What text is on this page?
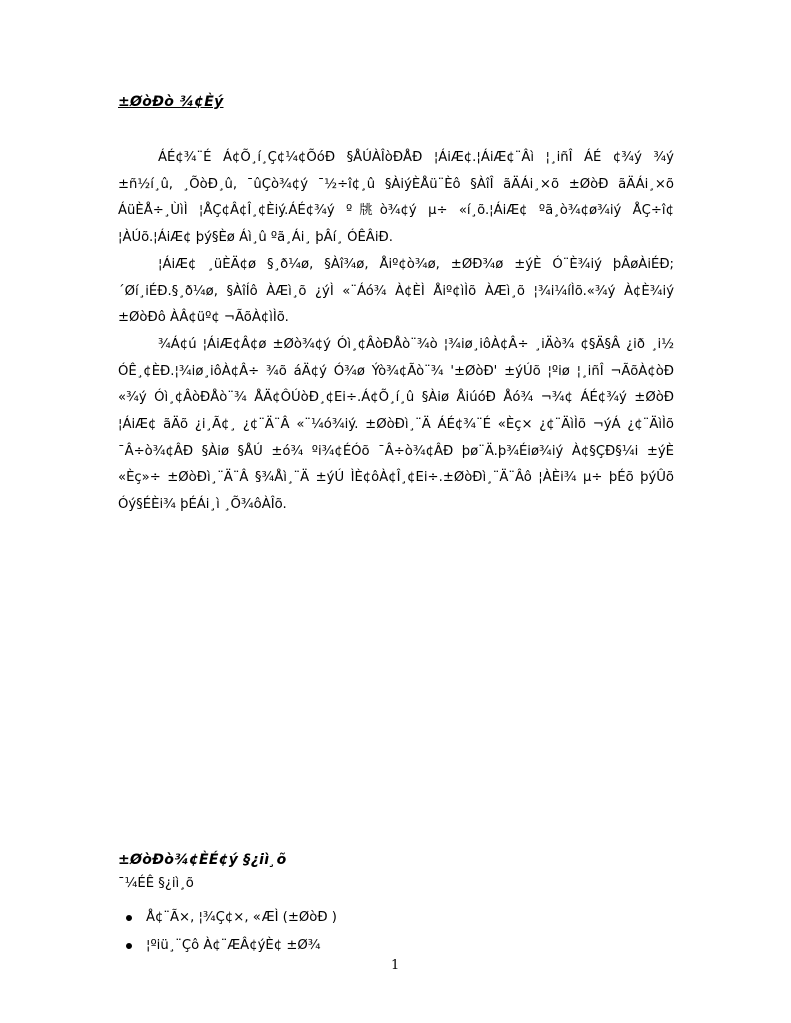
±ØòÐò ¾¢Èý

ÁÉ¢¾¨É Á¢Õ¸í¸Ç¢¼¢ÕóÐ §ÅÚÀÎòÐÅÐ ¦ÁiÆ¢.¦ÁiÆ¢¨Âì ¦¸iñÎ ÁÉ ¢¾ý ¾ý ±ñ½í¸û, ¸ÕòÐ¸û, ¯ûÇò¾¢ý ¯½÷î¢¸û §ÀiýÈÅü¨Èô §ÀîÎ ãÄÁi¸×õ ±ØòÐ ãÄÁi¸×õ ÁüÈÅ÷¸ÙìÌ ¦ÅÇ¢Â¢Î¸¢Èiý.ÁÉ¢¾ý º㸠ò¾¢ý µ÷ «í¸õ.¦ÁiÆ¢ ºã¸ò¾¢ø¾iý ÅÇ÷î¢ ¦ÀÚõ.¦ÁiÆ¢ þý§Èø Áì¸û ºã¸Ái¸ þÂí¸ ÓÊÂiÐ.

¦ÁiÆ¢ ¸üÈÄ¢ø §¸ð¼ø, §Àî¾ø, Åiº¢ò¾ø, ±ØÐ¾ø ±ýÈ Ó¨È¾iý þÂøÀiÉÐ; ´Øí¸iÉÐ.§¸ð¼ø, §ÀîÍô ÀÆì¸õ ¿ýÌ «¨Áó¾ À¢ÈÌ Åiº¢ìÌõ ÀÆì¸õ ¦¾i¼íÌõ.«¾ý À¢È¾iý ±ØòÐô ÀÂ¢üº¢ ¬ÃõÀ¢ìÌõ.

¾Á¢ú ¦ÁiÆ¢Â¢ø ±Øò¾¢ý Óì¸¢ÂòÐÅò¨¾ò ¦¾iø¸iôÀ¢Â÷ ¸iÄò¾ ¢§Ä§Â ¿ið ¸i½ ÓÊ¸¢ÈÐ.¦¾iø¸iôÀ¢Â÷ ¾õ áÄ¢ý Ó¾ø Ýò¾¢Ãò¨¾ '±ØòÐ' ±ýÚõ ¦ºiø ¦¸iñÎ ¬ÃõÀ¢òÐ «¾ý Óì¸¢ÂòÐÅò¨¾ ÅÄ¢ÔÚòÐ¸¢Ei÷.Á¢Õ¸í¸û §Àiø ÅiúóÐ Åó¾ ¬¾¢ ÁÉ¢¾ý ±ØòÐ ¦ÁiÆ¢ ãÄõ ¿i¸Ã¢¸ ¿¢¨Ä¨Â «¨¼ó¾iý. ±ØòÐì¸¨Ä ÁÉ¢¾¨É «Èç× ¿¢¨ÄìÌõ ¬ýÁ ¿¢¨ÄìÌõ ¯Â÷ò¾¢ÂÐ §Àiø §ÅÚ ±ó¾ ºi¾¢ÉÓõ ¯Â÷ò¾¢ÂÐ þø¨Ä.þ¾Éiø¾iý À¢§ÇÐ§¼i ±ýÈ «Èç»÷ ±ØòÐì¸¨Ä¨Â §¾Åì¸¨Ä ±ýÚ ÌÈ¢ôÀ¢Î¸¢Ei÷.±ØòÐì¸¨Ä¨Âô ¦ÀÈi¾ µ÷ þÉõ þýÛõ Óý§ÉÈi¾ þÉÁi¸ì ¸Õ¾ôÀÎõ.

±ØòÐò¾¢ÈÉ¢ý §¿iì¸õ
¯¼ÉÊ §¿iì¸õ
Å¢¨Ã×, ¦¾Ç¢×, «ÆÌ (±ØòÐ )
¦ºiü¸¨Çô À¢¨ÆÂ¢ýÈ¢ ±Ø¾
1
